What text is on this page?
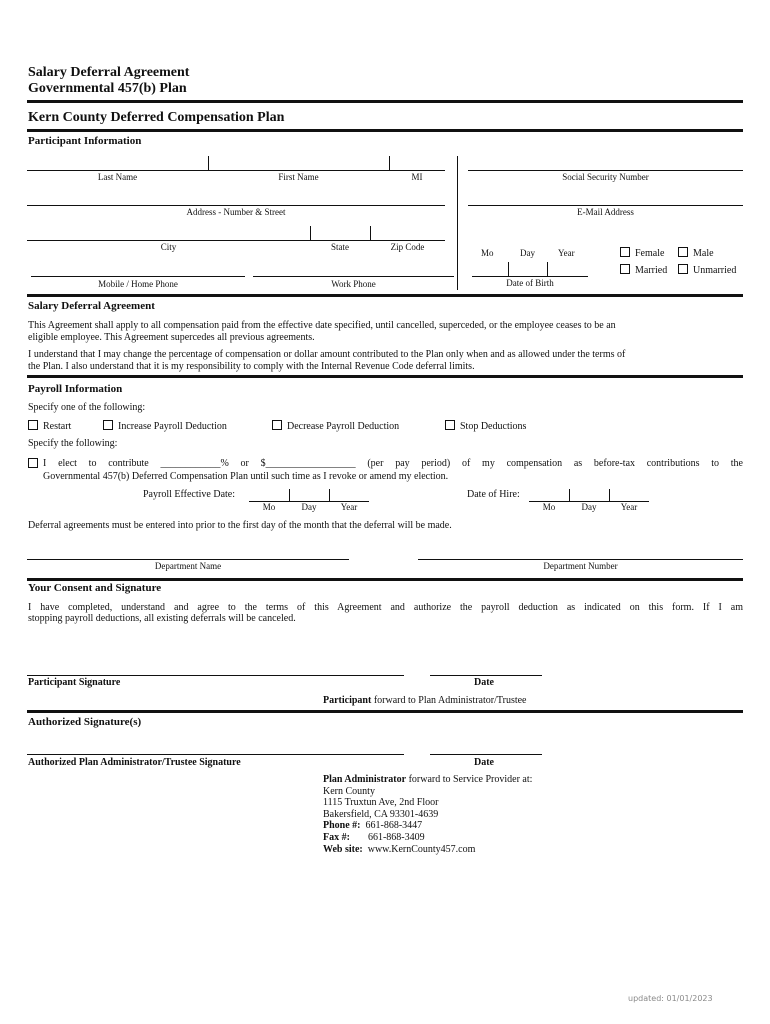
Salary Deferral Agreement
Governmental 457(b) Plan
Kern County Deferred Compensation Plan
Participant Information
Last Name	First Name	MI	Social Security Number
Address - Number & Street	E-Mail Address
City	State	Zip Code
Mo	Day	Year
Date of Birth
Female	Male
Married	Unmarried
Mobile / Home Phone	Work Phone
Salary Deferral Agreement
This Agreement shall apply to all compensation paid from the effective date specified, until cancelled, superceded, or the employee ceases to be an
eligible employee. This Agreement supercedes all previous agreements.
I understand that I may change the percentage of compensation or dollar amount contributed to the Plan only when and as allowed under the terms of
the Plan. I also understand that it is my responsibility to comply with the Internal Revenue Code deferral limits.
Payroll Information
Specify one of the following:
Restart	Increase Payroll Deduction	Decrease Payroll Deduction	Stop Deductions
Specify the following:
I elect to contribute ____________% or $__________________ (per pay period) of my compensation as before-tax contributions to the
Governmental 457(b) Deferred Compensation Plan until such time as I revoke or amend my election.
Payroll Effective Date:
Mo	Day	Year
Date of Hire:
Mo	Day	Year
Deferral agreements must be entered into prior to the first day of the month that the deferral will be made.
Department Name	Department Number
Your Consent and Signature
I have completed, understand and agree to the terms of this Agreement and authorize the payroll deduction as indicated on this form. If I am
stopping payroll deductions, all existing deferrals will be canceled.
Participant Signature	Date
Participant forward to Plan Administrator/Trustee
Authorized Signature(s)
Authorized Plan Administrator/Trustee Signature	Date
Plan Administrator forward to Service Provider at:
Kern County
1115 Truxtun Ave, 2nd Floor
Bakersfield, CA 93301-4639
Phone #: 661-868-3447
Fax #: 661-868-3409
Web site: www.KernCounty457.com
updated: 01/01/2023
